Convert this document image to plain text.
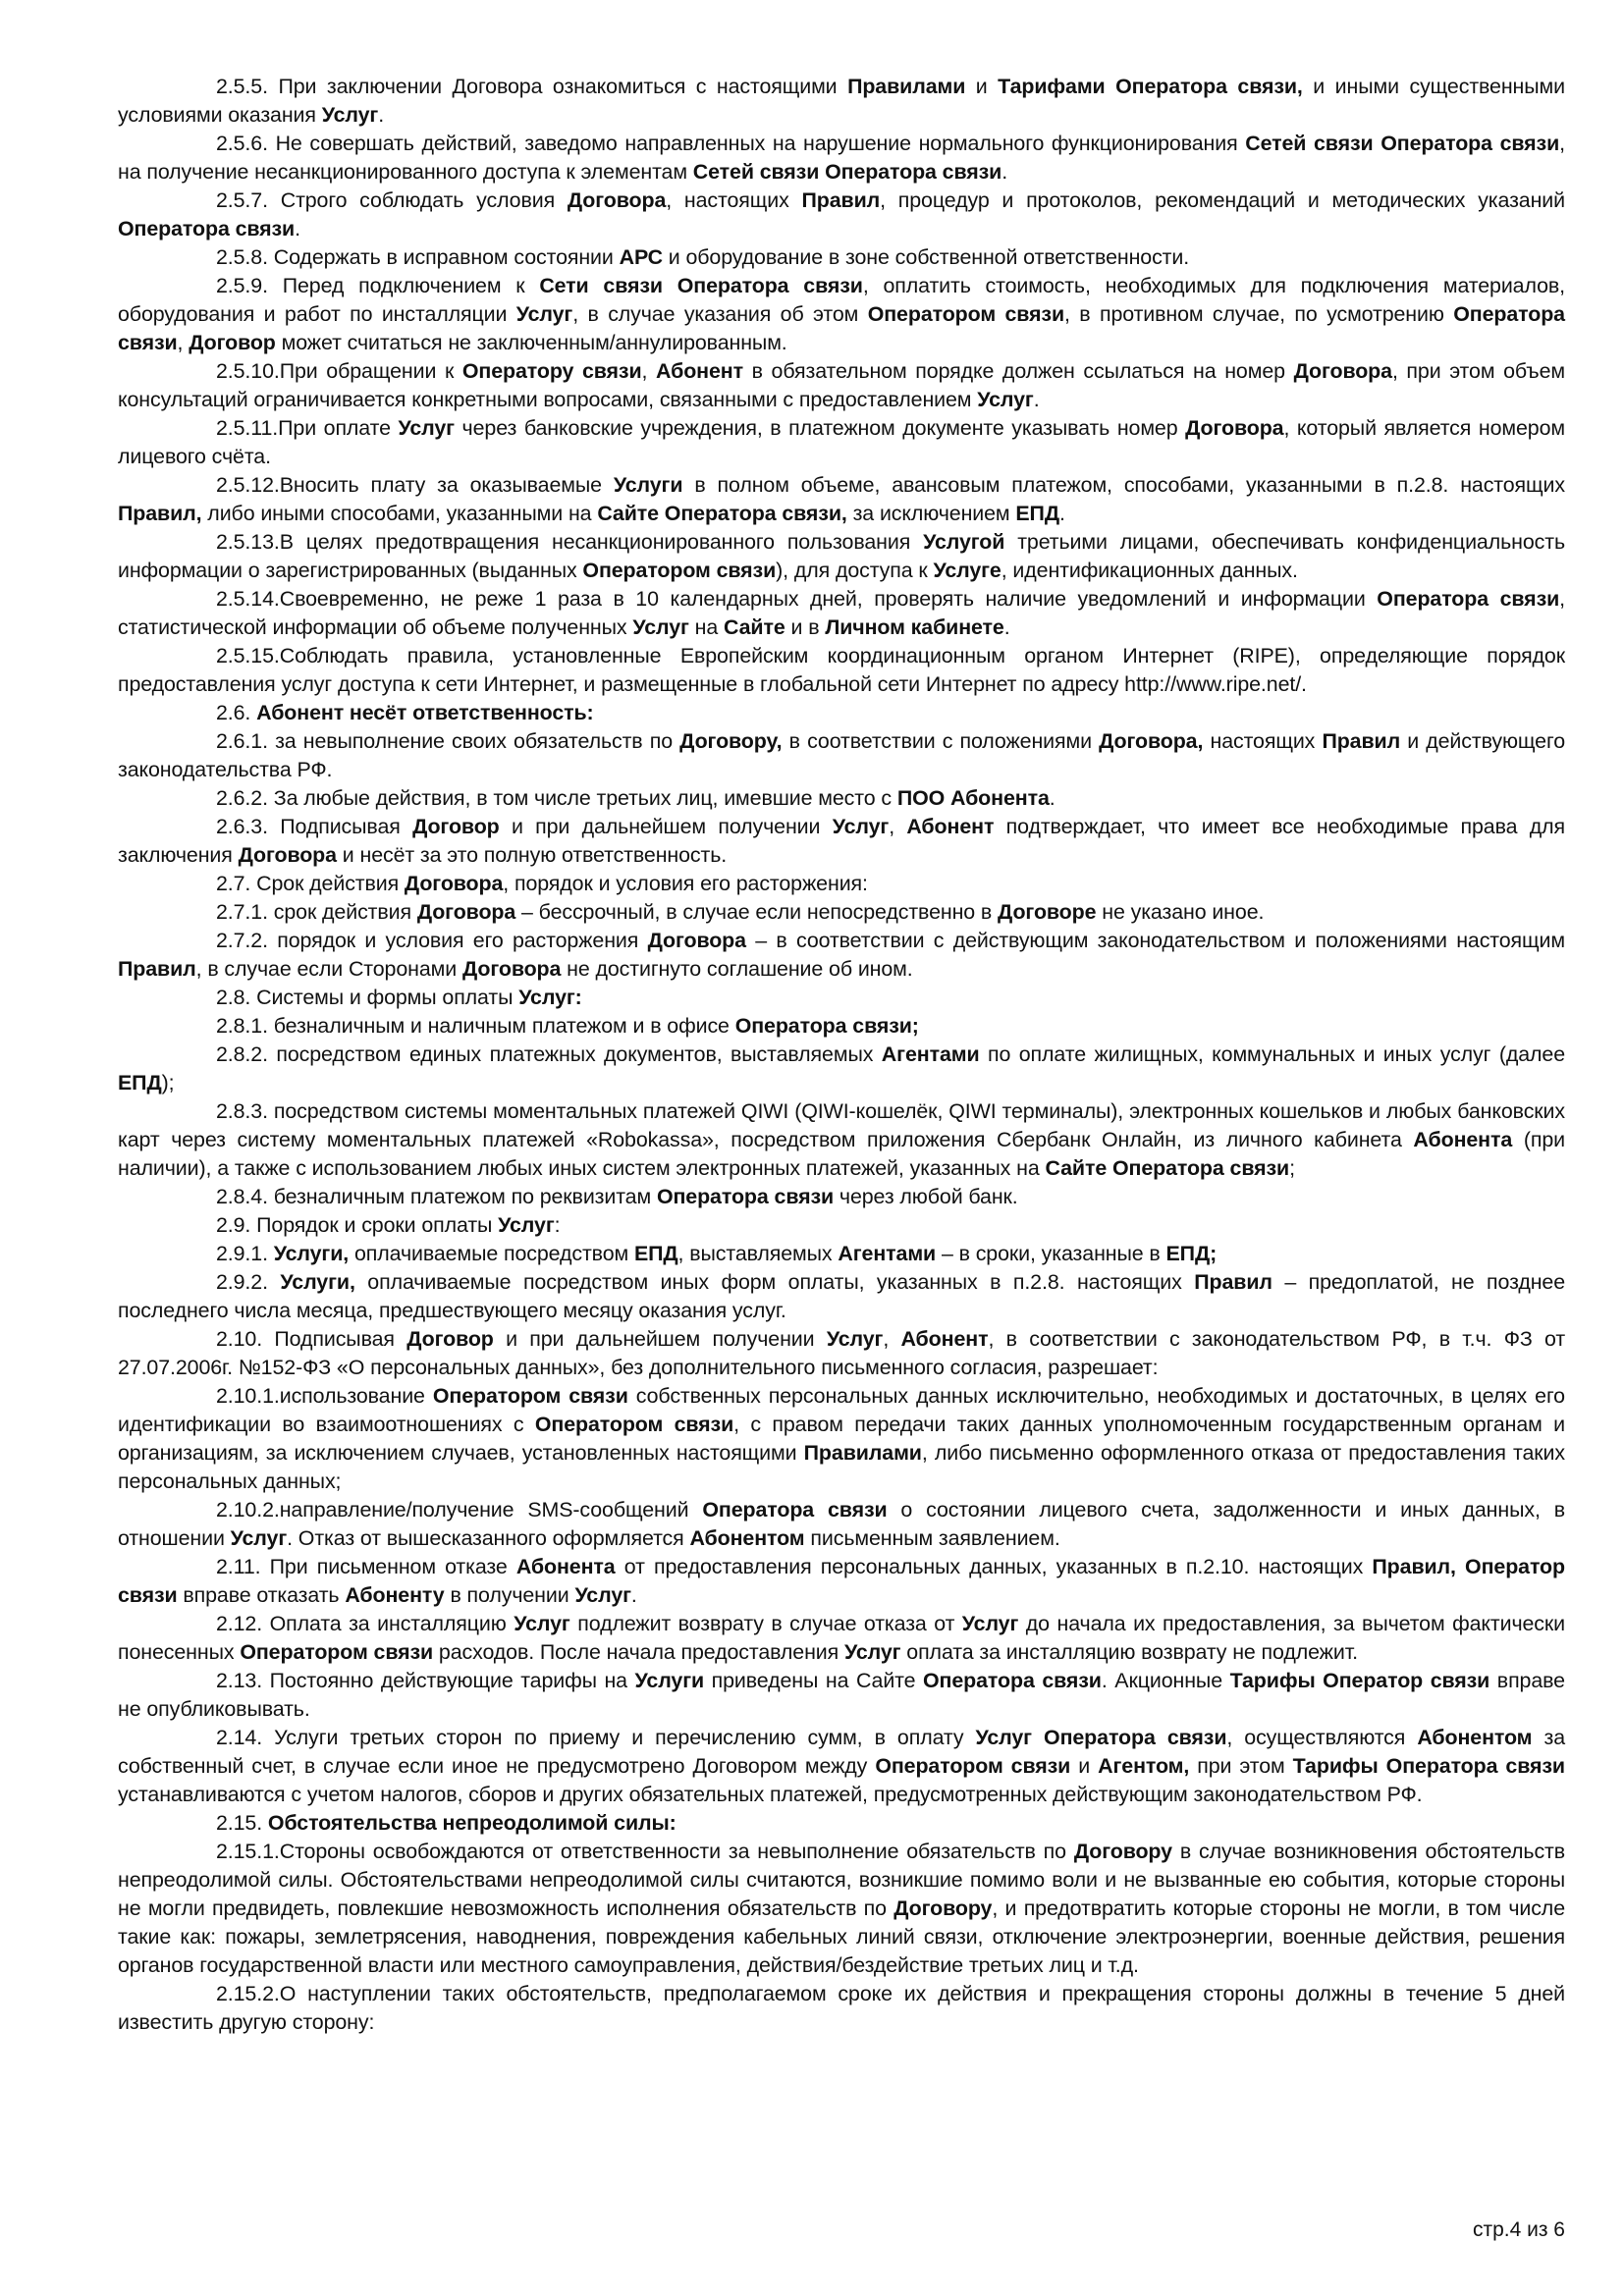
2.5.5. При заключении Договора ознакомиться с настоящими Правилами и Тарифами Оператора связи, и иными существенными условиями оказания Услуг.

2.5.6. Не совершать действий, заведомо направленных на нарушение нормального функционирования Сетей связи Оператора связи, на получение несанкционированного доступа к элементам Сетей связи Оператора связи.

2.5.7. Строго соблюдать условия Договора, настоящих Правил, процедур и протоколов, рекомендаций и методических указаний Оператора связи.

2.5.8. Содержать в исправном состоянии АРС и оборудование в зоне собственной ответственности.

2.5.9. Перед подключением к Сети связи Оператора связи, оплатить стоимость, необходимых для подключения материалов, оборудования и работ по инсталляции Услуг, в случае указания об этом Оператором связи, в противном случае, по усмотрению Оператора связи, Договор может считаться не заключенным/аннулированным.

2.5.10.При обращении к Оператору связи, Абонент в обязательном порядке должен ссылаться на номер Договора, при этом объем консультаций ограничивается конкретными вопросами, связанными с предоставлением Услуг.

2.5.11.При оплате Услуг через банковские учреждения, в платежном документе указывать номер Договора, который является номером лицевого счёта.

2.5.12.Вносить плату за оказываемые Услуги в полном объеме, авансовым платежом, способами, указанными в п.2.8. настоящих Правил, либо иными способами, указанными на Сайте Оператора связи, за исключением ЕПД.

2.5.13.В целях предотвращения несанкционированного пользования Услугой третьими лицами, обеспечивать конфиденциальность информации о зарегистрированных (выданных Оператором связи), для доступа к Услуге, идентификационных данных.

2.5.14.Своевременно, не реже 1 раза в 10 календарных дней, проверять наличие уведомлений и информации Оператора связи, статистической информации об объеме полученных Услуг на Сайте и в Личном кабинете.

2.5.15.Соблюдать правила, установленные Европейским координационным органом Интернет (RIPE), определяющие порядок предоставления услуг доступа к сети Интернет, и размещенные в глобальной сети Интернет по адресу http://www.ripe.net/.

2.6. Абонент несёт ответственность:

2.6.1. за невыполнение своих обязательств по Договору, в соответствии с положениями Договора, настоящих Правил и действующего законодательства РФ.

2.6.2. За любые действия, в том числе третьих лиц, имевшие место с ПОО Абонента.

2.6.3. Подписывая Договор и при дальнейшем получении Услуг, Абонент подтверждает, что имеет все необходимые права для заключения Договора и несёт за это полную ответственность.

2.7. Срок действия Договора, порядок и условия его расторжения:

2.7.1. срок действия Договора – бессрочный, в случае если непосредственно в Договоре не указано иное.

2.7.2. порядок и условия его расторжения Договора – в соответствии с действующим законодательством и положениями настоящим Правил, в случае если Сторонами Договора не достигнуто соглашение об ином.

2.8. Системы и формы оплаты Услуг:

2.8.1. безналичным и наличным платежом и в офисе Оператора связи;

2.8.2. посредством единых платежных документов, выставляемых Агентами по оплате жилищных, коммунальных и иных услуг (далее ЕПД);

2.8.3. посредством системы моментальных платежей QIWI (QIWI-кошелёк, QIWI терминалы), электронных кошельков и любых банковских карт через систему моментальных платежей «Robokassa», посредством приложения Сбербанк Онлайн, из личного кабинета Абонента (при наличии), а также с использованием любых иных систем электронных платежей, указанных на Сайте Оператора связи;

2.8.4. безналичным платежом по реквизитам Оператора связи через любой банк.

2.9. Порядок и сроки оплаты Услуг:

2.9.1. Услуги, оплачиваемые посредством ЕПД, выставляемых Агентами – в сроки, указанные в ЕПД;

2.9.2. Услуги, оплачиваемые посредством иных форм оплаты, указанных в п.2.8. настоящих Правил – предоплатой, не позднее последнего числа месяца, предшествующего месяцу оказания услуг.

2.10. Подписывая Договор и при дальнейшем получении Услуг, Абонент, в соответствии с законодательством РФ, в т.ч. ФЗ от 27.07.2006г. №152-ФЗ «О персональных данных», без дополнительного письменного согласия, разрешает:

2.10.1.использование Оператором связи собственных персональных данных исключительно, необходимых и достаточных, в целях его идентификации во взаимоотношениях с Оператором связи, с правом передачи таких данных уполномоченным государственным органам и организациям, за исключением случаев, установленных настоящими Правилами, либо письменно оформленного отказа от предоставления таких персональных данных;

2.10.2.направление/получение SMS-сообщений Оператора связи о состоянии лицевого счета, задолженности и иных данных, в отношении Услуг. Отказ от вышесказанного оформляется Абонентом письменным заявлением.

2.11. При письменном отказе Абонента от предоставления персональных данных, указанных в п.2.10. настоящих Правил, Оператор связи вправе отказать Абоненту в получении Услуг.

2.12. Оплата за инсталляцию Услуг подлежит возврату в случае отказа от Услуг до начала их предоставления, за вычетом фактически понесенных Оператором связи расходов. После начала предоставления Услуг оплата за инсталляцию возврату не подлежит.

2.13. Постоянно действующие тарифы на Услуги приведены на Сайте Оператора связи. Акционные Тарифы Оператор связи вправе не опубликовывать.

2.14. Услуги третьих сторон по приему и перечислению сумм, в оплату Услуг Оператора связи, осуществляются Абонентом за собственный счет, в случае если иное не предусмотрено Договором между Оператором связи и Агентом, при этом Тарифы Оператора связи устанавливаются с учетом налогов, сборов и других обязательных платежей, предусмотренных действующим законодательством РФ.

2.15. Обстоятельства непреодолимой силы:

2.15.1.Стороны освобождаются от ответственности за невыполнение обязательств по Договору в случае возникновения обстоятельств непреодолимой силы. Обстоятельствами непреодолимой силы считаются, возникшие помимо воли и не вызванные ею события, которые стороны не могли предвидеть, повлекшие невозможность исполнения обязательств по Договору, и предотвратить которые стороны не могли, в том числе такие как: пожары, землетрясения, наводнения, повреждения кабельных линий связи, отключение электроэнергии, военные действия, решения органов государственной власти или местного самоуправления, действия/бездействие третьих лиц и т.д.

2.15.2.О наступлении таких обстоятельств, предполагаемом сроке их действия и прекращения стороны должны в течение 5 дней известить другую сторону:

стр.4 из 6
